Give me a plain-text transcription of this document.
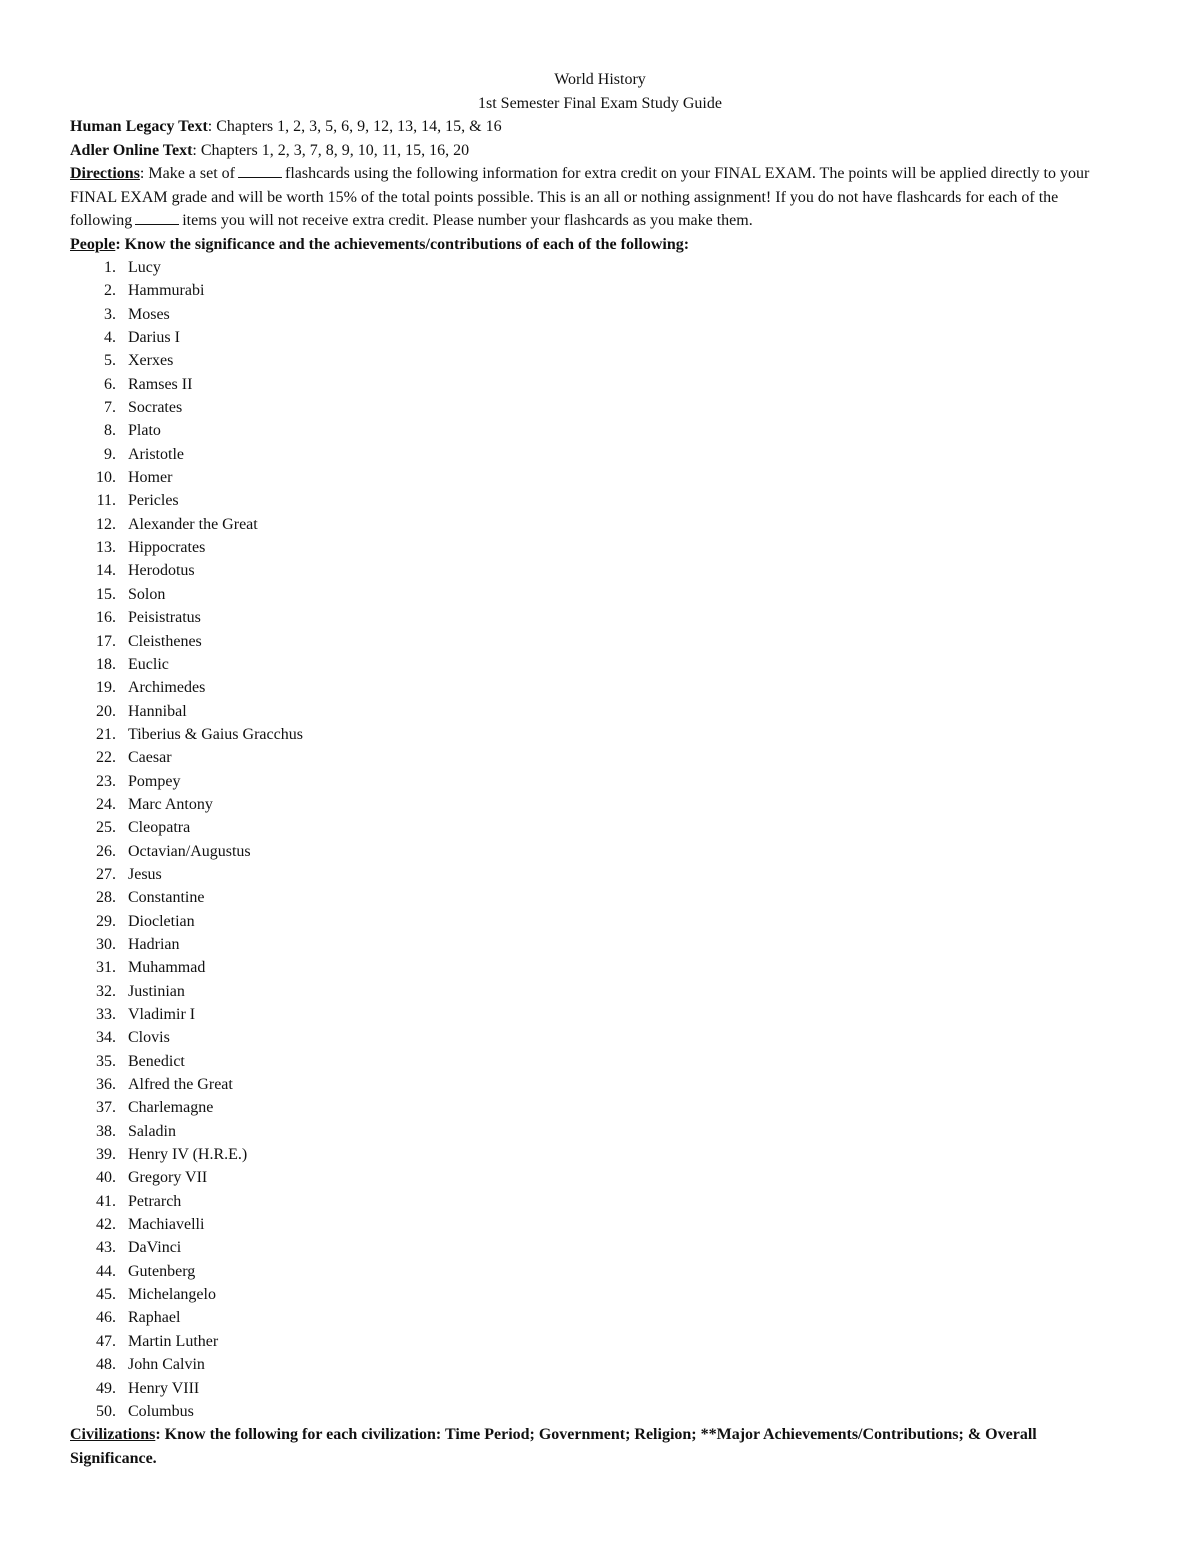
World History
1st Semester Final Exam Study Guide
Human Legacy Text: Chapters 1, 2, 3, 5, 6, 9, 12, 13, 14, 15, & 16
Adler Online Text: Chapters 1, 2, 3, 7, 8, 9, 10, 11, 15, 16, 20
Directions: Make a set of	flashcards using the following information for extra credit on your FINAL EXAM. The points will be applied directly to your FINAL EXAM grade and will be worth 15% of the total points possible. This is an all or nothing assignment! If you do not have flashcards for each of the following	items you will not receive extra credit. Please number your flashcards as you make them.
People: Know the significance and the achievements/contributions of each of the following:
1. Lucy
2. Hammurabi
3. Moses
4. Darius I
5. Xerxes
6. Ramses II
7. Socrates
8. Plato
9. Aristotle
10. Homer
11. Pericles
12. Alexander the Great
13. Hippocrates
14. Herodotus
15. Solon
16. Peisistratus
17. Cleisthenes
18. Euclic
19. Archimedes
20. Hannibal
21. Tiberius & Gaius Gracchus
22. Caesar
23. Pompey
24. Marc Antony
25. Cleopatra
26. Octavian/Augustus
27. Jesus
28. Constantine
29. Diocletian
30. Hadrian
31. Muhammad
32. Justinian
33. Vladimir I
34. Clovis
35. Benedict
36. Alfred the Great
37. Charlemagne
38. Saladin
39. Henry IV (H.R.E.)
40. Gregory VII
41. Petrarch
42. Machiavelli
43. DaVinci
44. Gutenberg
45. Michelangelo
46. Raphael
47. Martin Luther
48. John Calvin
49. Henry VIII
50. Columbus
Civilizations: Know the following for each civilization: Time Period; Government; Religion; **Major Achievements/Contributions; & Overall Significance.
